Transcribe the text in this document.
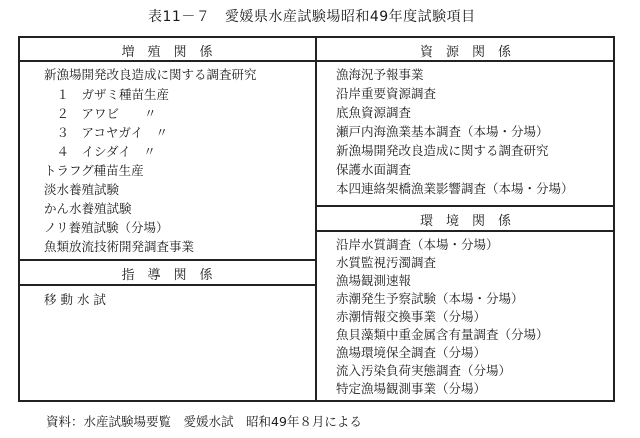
表11－７　愛媛県水産試験場昭和49年度試験項目
増　殖　関　係
指　導　関　係
資　源　関　係
環　境　関　係
新漁場開発改良造成に関する調査研究
　１　ガザミ種苗生産
　２　アワビ　　〃
　３　アコヤガイ　〃
　４　イシダイ　〃
トラフグ種苗生産
淡水養殖試験
かん水養殖試験
ノリ養殖試験（分場）
魚類放流技術開発調査事業
移 動 水 試
漁海況予報事業
沿岸重要資源調査
底魚資源調査
瀬戸内海漁業基本調査（本場・分場）
新漁場開発改良造成に関する調査研究
保護水面調査
本四連絡架橋漁業影響調査（本場・分場）
沿岸水質調査（本場・分場）
水質監視汚濁調査
漁場観測速報
赤潮発生予察試験（本場・分場）
赤潮情報交換事業（分場）
魚貝藻類中重金属含有量調査（分場）
漁場環境保全調査（分場）
流入汚染負荷実態調査（分場）
特定漁場観測事業（分場）
資料：水産試験場要覧　愛媛水試　昭和49年８月による
